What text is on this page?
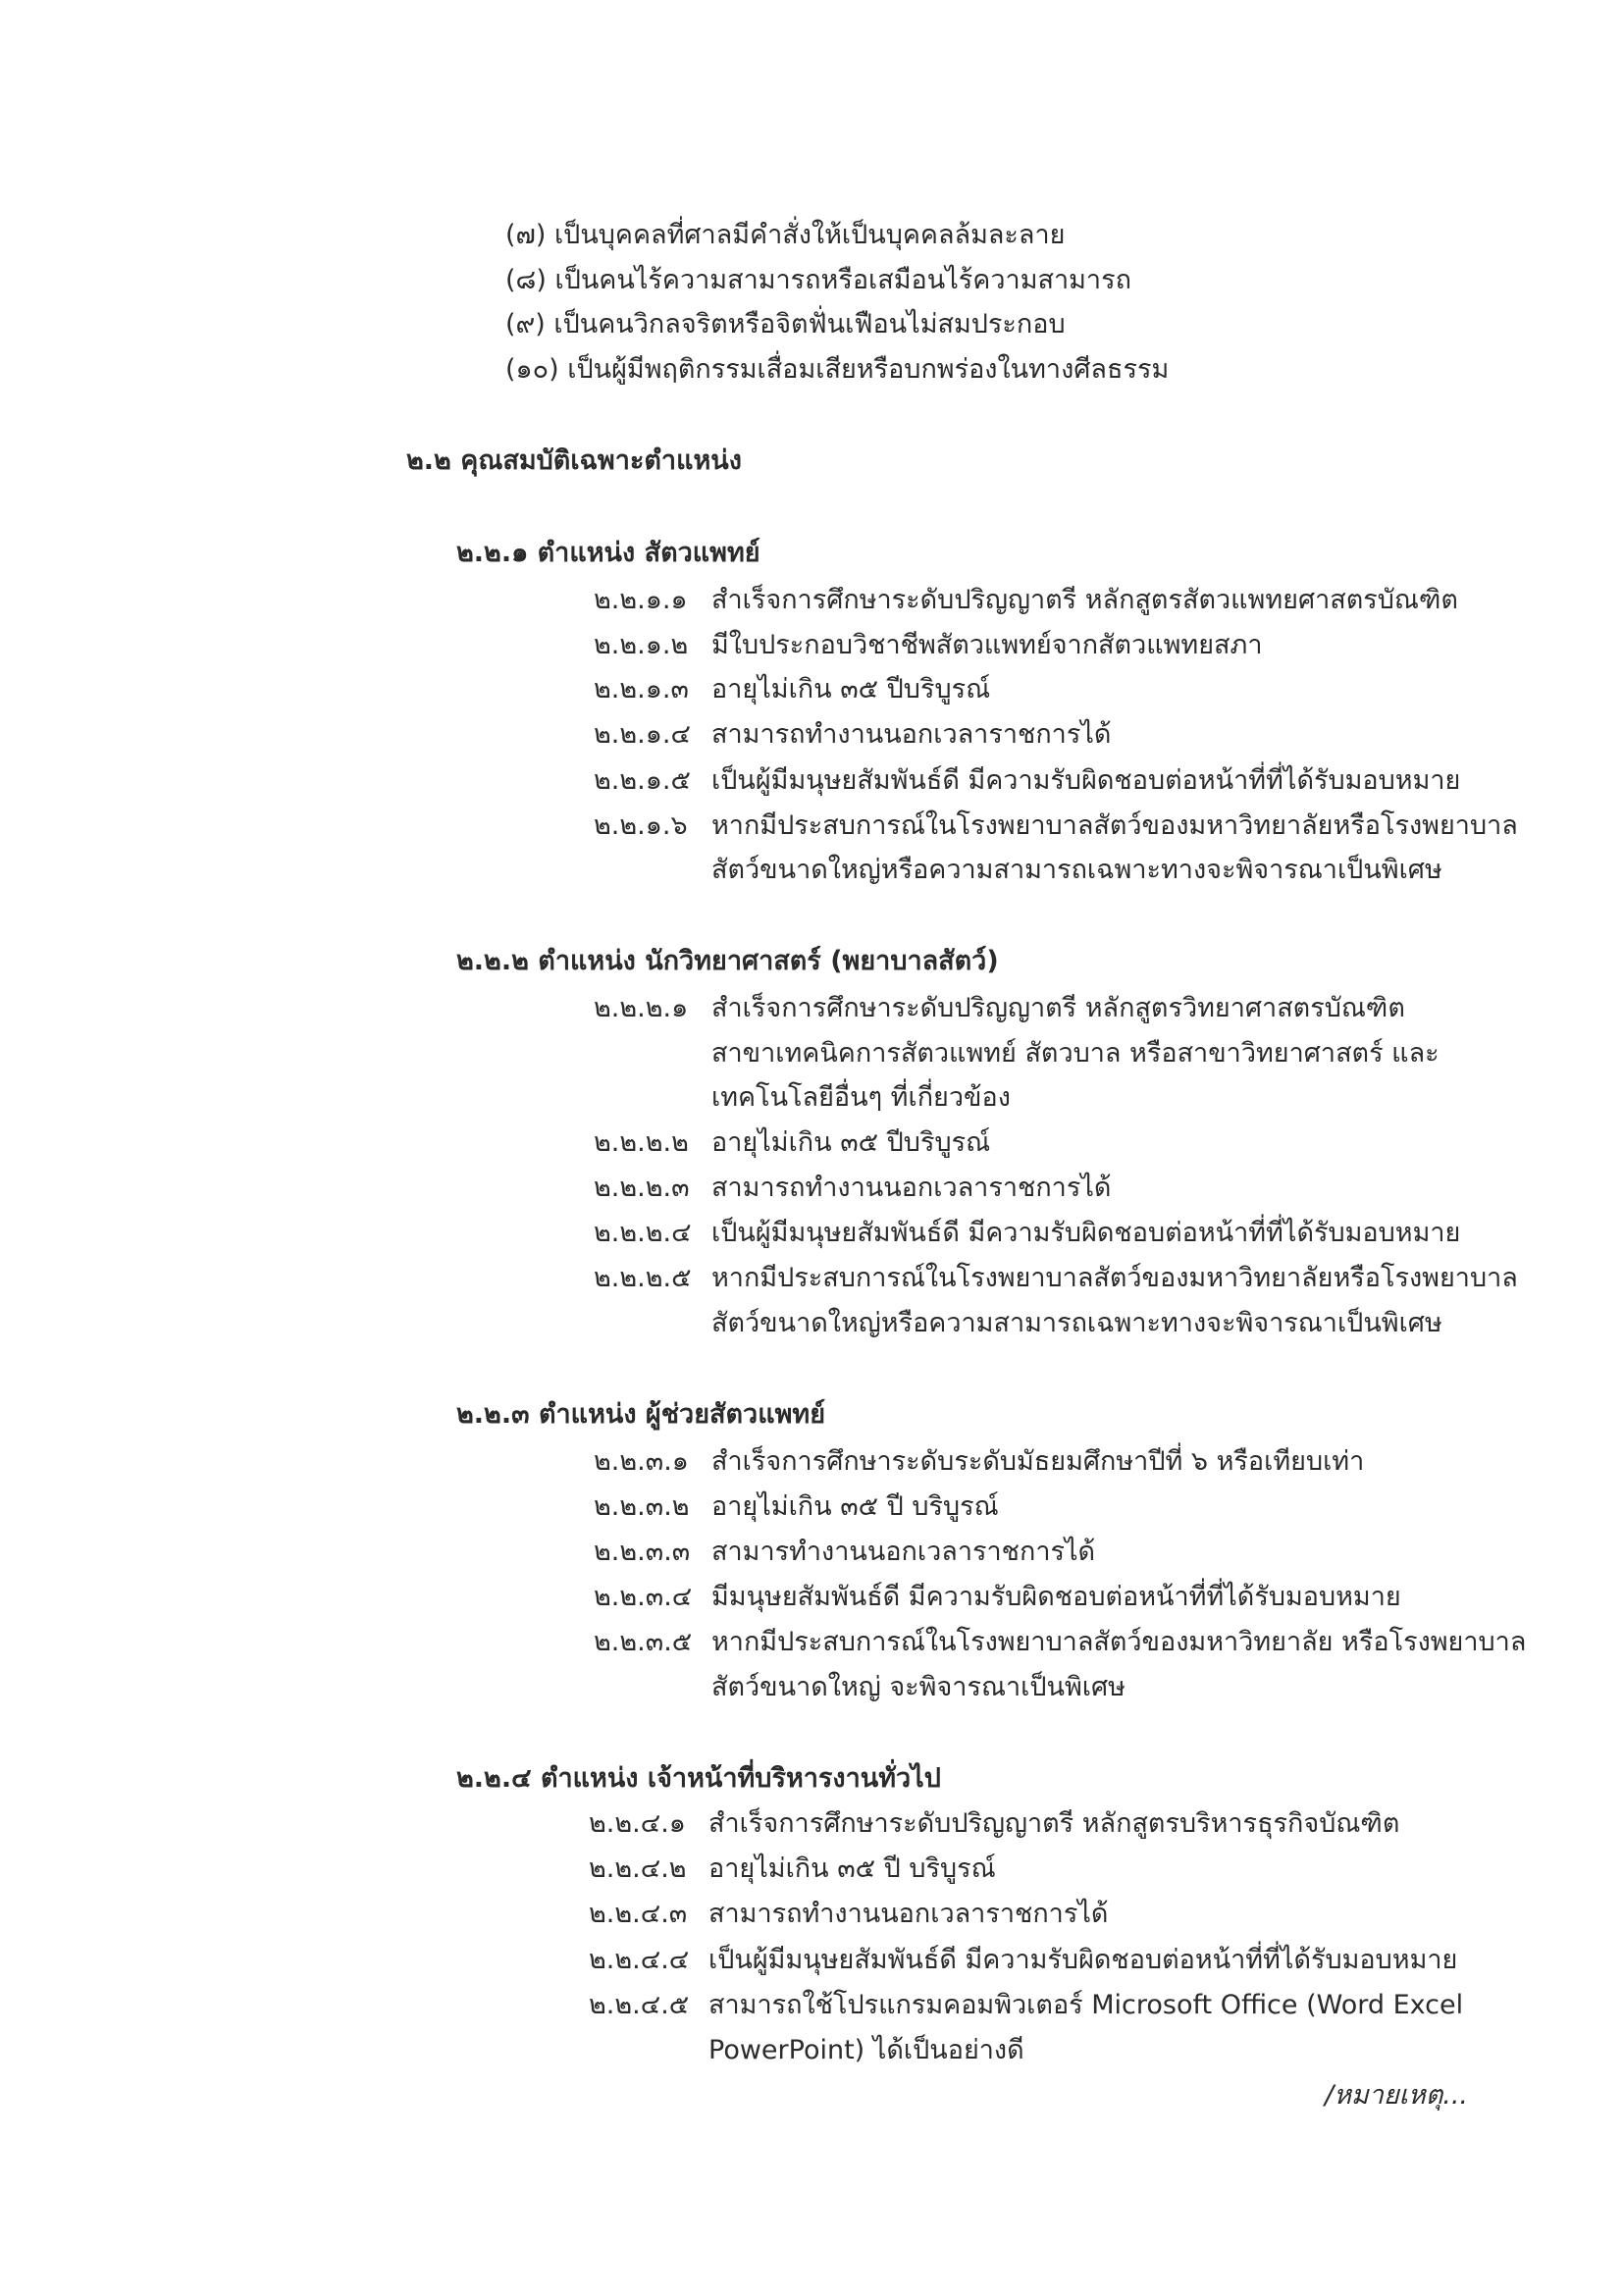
(๗) เป็นบุคคลที่ศาลมีคำสั่งให้เป็นบุคคลล้มละลาย
(๘) เป็นคนไร้ความสามารถหรือเสมือนไร้ความสามารถ
(๙) เป็นคนวิกลจริตหรือจิตฟั่นเฟือนไม่สมประกอบ
(๑๐) เป็นผู้มีพฤติกรรมเสื่อมเสียหรือบกพร่องในทางศีลธรรม
๒.๒ คุณสมบัติเฉพาะตำแหน่ง
๒.๒.๑ ตำแหน่ง สัตวแพทย์
๒.๒.๑.๑ สำเร็จการศึกษาระดับปริญญาตรี หลักสูตรสัตวแพทยศาสตรบัณฑิต
๒.๒.๑.๒ มีใบประกอบวิชาชีพสัตวแพทย์จากสัตวแพทยสภา
๒.๒.๑.๓ อายุไม่เกิน ๓๕ ปีบริบูรณ์
๒.๒.๑.๔ สามารถทำงานนอกเวลาราชการได้
๒.๒.๑.๕ เป็นผู้มีมนุษยสัมพันธ์ดี มีความรับผิดชอบต่อหน้าที่ที่ได้รับมอบหมาย
๒.๒.๑.๖ หากมีประสบการณ์ในโรงพยาบาลสัตว์ของมหาวิทยาลัยหรือโรงพยาบาล
สัตว์ขนาดใหญ่หรือความสามารถเฉพาะทางจะพิจารณาเป็นพิเศษ
๒.๒.๒ ตำแหน่ง นักวิทยาศาสตร์ (พยาบาลสัตว์)
๒.๒.๒.๑ สำเร็จการศึกษาระดับปริญญาตรี หลักสูตรวิทยาศาสตรบัณฑิต
สาขาเทคนิคการสัตวแพทย์ สัตวบาล หรือสาขาวิทยาศาสตร์ และ
เทคโนโลยีอื่นๆ ที่เกี่ยวข้อง
๒.๒.๒.๒ อายุไม่เกิน ๓๕ ปีบริบูรณ์
๒.๒.๒.๓ สามารถทำงานนอกเวลาราชการได้
๒.๒.๒.๔ เป็นผู้มีมนุษยสัมพันธ์ดี มีความรับผิดชอบต่อหน้าที่ที่ได้รับมอบหมาย
๒.๒.๒.๕ หากมีประสบการณ์ในโรงพยาบาลสัตว์ของมหาวิทยาลัยหรือโรงพยาบาล
สัตว์ขนาดใหญ่หรือความสามารถเฉพาะทางจะพิจารณาเป็นพิเศษ
๒.๒.๓ ตำแหน่ง ผู้ช่วยสัตวแพทย์
๒.๒.๓.๑ สำเร็จการศึกษาระดับระดับมัธยมศึกษาปีที่ ๖ หรือเทียบเท่า
๒.๒.๓.๒ อายุไม่เกิน ๓๕ ปี บริบูรณ์
๒.๒.๓.๓ สามารทำงานนอกเวลาราชการได้
๒.๒.๓.๔ มีมนุษยสัมพันธ์ดี มีความรับผิดชอบต่อหน้าที่ที่ได้รับมอบหมาย
๒.๒.๓.๕ หากมีประสบการณ์ในโรงพยาบาลสัตว์ของมหาวิทยาลัย หรือโรงพยาบาล
สัตว์ขนาดใหญ่ จะพิจารณาเป็นพิเศษ
๒.๒.๔ ตำแหน่ง เจ้าหน้าที่บริหารงานทั่วไป
๒.๒.๔.๑ สำเร็จการศึกษาระดับปริญญาตรี หลักสูตรบริหารธุรกิจบัณฑิต
๒.๒.๔.๒ อายุไม่เกิน ๓๕ ปี บริบูรณ์
๒.๒.๔.๓ สามารถทำงานนอกเวลาราชการได้
๒.๒.๔.๔ เป็นผู้มีมนุษยสัมพันธ์ดี มีความรับผิดชอบต่อหน้าที่ที่ได้รับมอบหมาย
๒.๒.๔.๕ สามารถใช้โปรแกรมคอมพิวเตอร์ Microsoft Office (Word Excel
PowerPoint) ได้เป็นอย่างดี
/หมายเหตุ...
